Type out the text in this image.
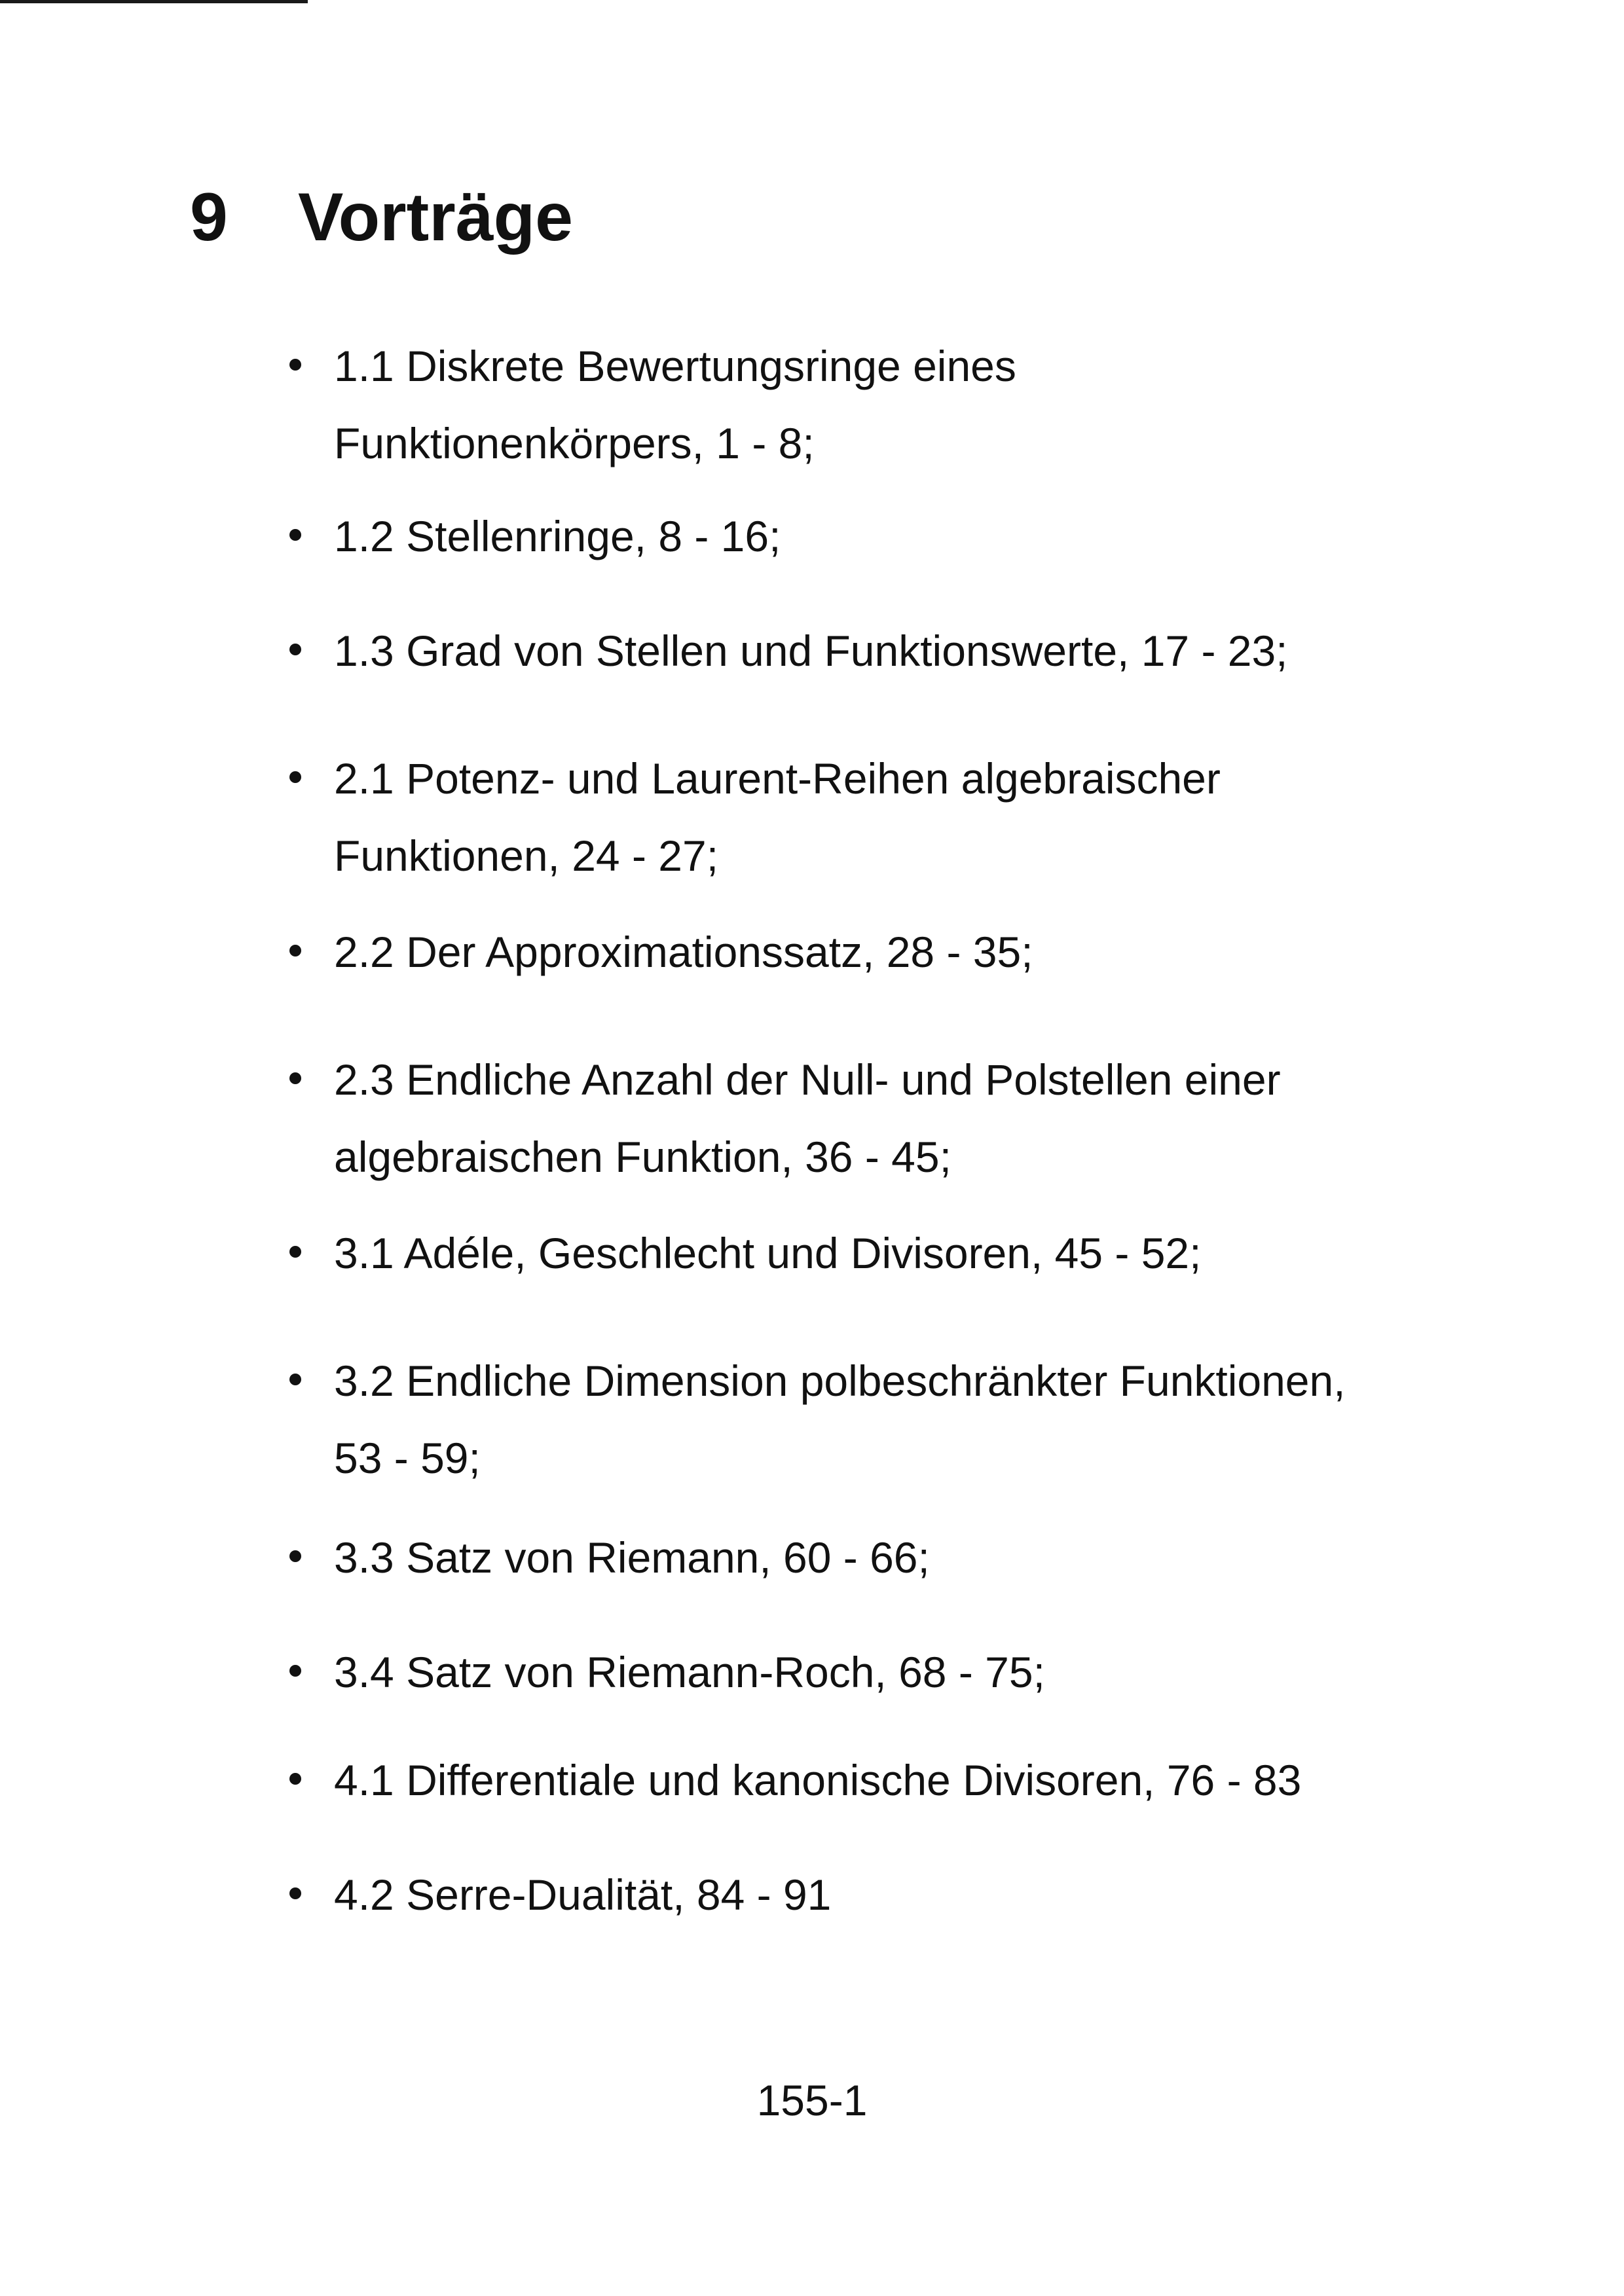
9 Vorträge
1.1 Diskrete Bewertungsringe eines
Funktionenkörpers, 1 - 8;
1.2 Stellenringe, 8 - 16;
1.3 Grad von Stellen und Funktionswerte, 17 - 23;
2.1 Potenz- und Laurent-Reihen algebraischer
Funktionen, 24 - 27;
2.2 Der Approximationssatz, 28 - 35;
2.3 Endliche Anzahl der Null- und Polstellen einer
algebraischen Funktion, 36 - 45;
3.1 Adéle, Geschlecht und Divisoren, 45 - 52;
3.2 Endliche Dimension polbeschränkter Funktionen,
53 - 59;
3.3 Satz von Riemann, 60 - 66;
3.4 Satz von Riemann-Roch, 68 - 75;
4.1 Differentiale und kanonische Divisoren, 76 - 83
4.2 Serre-Dualität, 84 - 91
155-1
